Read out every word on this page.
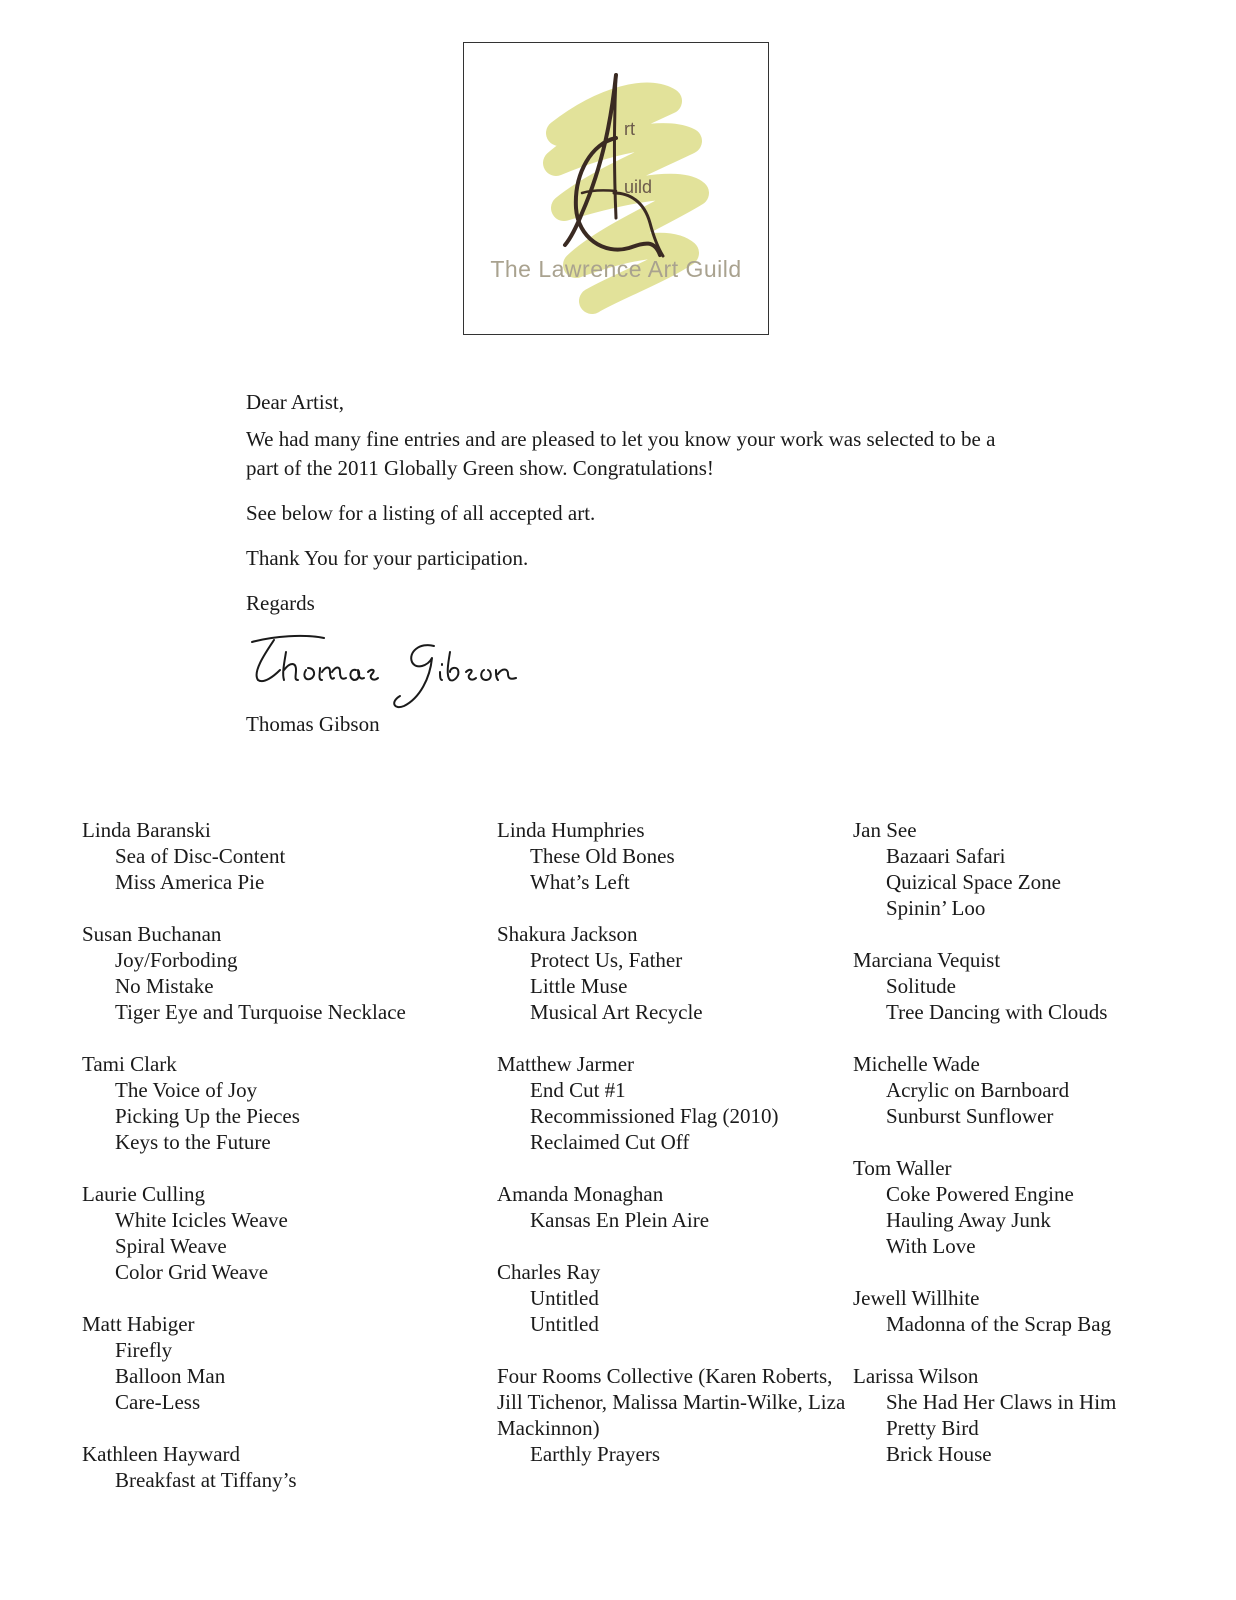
rt
uild
The Lawrence Art Guild

Dear Artist,

We had many fine entries and are pleased to let you know your work was selected to be a part of the 2011 Globally Green show. Congratulations!

See below for a listing of all accepted art.

Thank You for your participation.

Regards

Thomas Gibson
Linda Baranski
Sea of Disc-Content
Miss America Pie
Susan Buchanan
Joy/Forboding
No Mistake
Tiger Eye and Turquoise Necklace
Tami Clark
The Voice of Joy
Picking Up the Pieces
Keys to the Future
Laurie Culling
White Icicles Weave
Spiral Weave
Color Grid Weave
Matt Habiger
Firefly
Balloon Man
Care-Less
Kathleen Hayward
Breakfast at Tiffany’s
Linda Humphries
These Old Bones
What’s Left
Shakura Jackson
Protect Us, Father
Little Muse
Musical Art Recycle
Matthew Jarmer
End Cut #1
Recommissioned Flag (2010)
Reclaimed Cut Off
Amanda Monaghan
Kansas En Plein Aire
Charles Ray
Untitled
Untitled
Four Rooms Collective (Karen Roberts, Jill Tichenor, Malissa Martin-Wilke, Liza Mackinnon)
Earthly Prayers
Jan See
Bazaari Safari
Quizical Space Zone
Spinin’ Loo
Marciana Vequist
Solitude
Tree Dancing with Clouds
Michelle Wade
Acrylic on Barnboard
Sunburst Sunflower
Tom Waller
Coke Powered Engine
Hauling Away Junk
With Love
Jewell Willhite
Madonna of the Scrap Bag
Larissa Wilson
She Had Her Claws in Him
Pretty Bird
Brick House
